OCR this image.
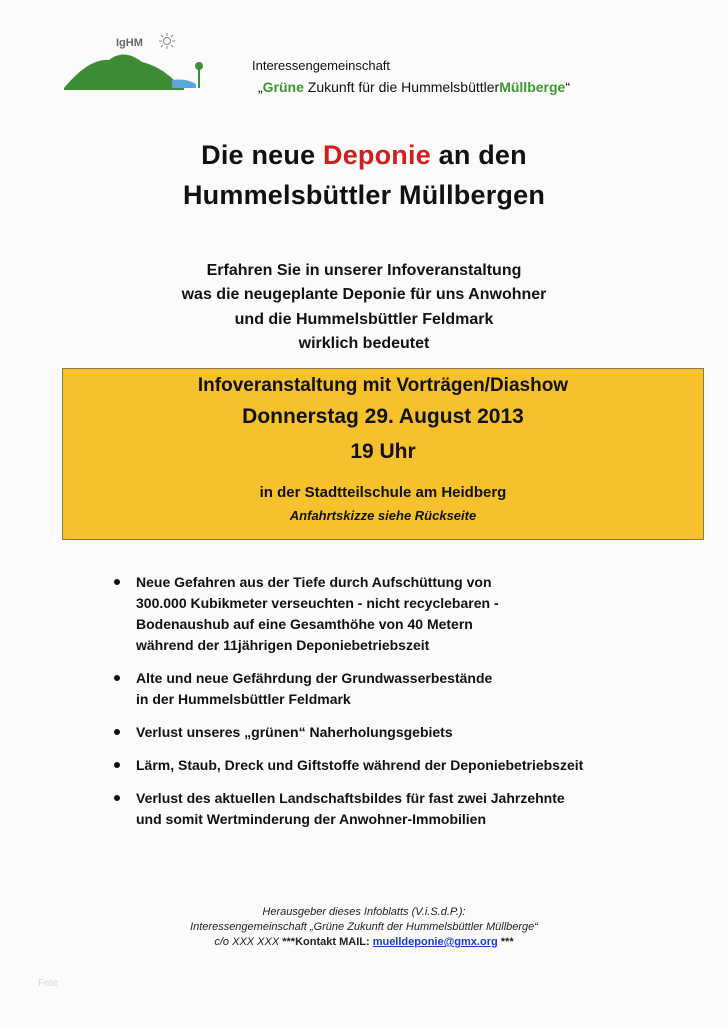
IgHM
Interessengemeinschaft
„Grüne Zukunft für die HummelsbüttlerMüllberge“
Die neue Deponie an den
Hummelsbüttler Müllbergen
Erfahren Sie in unserer Infoveranstaltung
was die neugeplante Deponie für uns Anwohner
und die Hummelsbüttler Feldmark
wirklich bedeutet
Infoveranstaltung mit Vorträgen/Diashow
Donnerstag 29. August 2013
19 Uhr
in der Stadtteilschule am Heidberg
Anfahrtskizze siehe Rückseite
Neue Gefahren aus der Tiefe durch Aufschüttung von
300.000 Kubikmeter verseuchten - nicht recyclebaren -
Bodenaushub auf eine Gesamthöhe von 40 Metern
während der 11jährigen Deponiebetriebszeit
Alte und neue Gefährdung der Grundwasserbestände
in der Hummelsbüttler Feldmark
Verlust unseres „grünen“ Naherholungsgebiets
Lärm, Staub, Dreck und Giftstoffe während der Deponiebetriebszeit
Verlust des aktuellen Landschaftsbildes für fast zwei Jahrzehnte
und somit Wertminderung der Anwohner-Immobilien
Herausgeber dieses Infoblatts (V.i.S.d.P.):
Interessengemeinschaft „Grüne Zukunft der Hummelsbüttler Müllberge“
c/o XXX XXX ***Kontakt MAIL: muelldeponie@gmx.org ***
Fete
